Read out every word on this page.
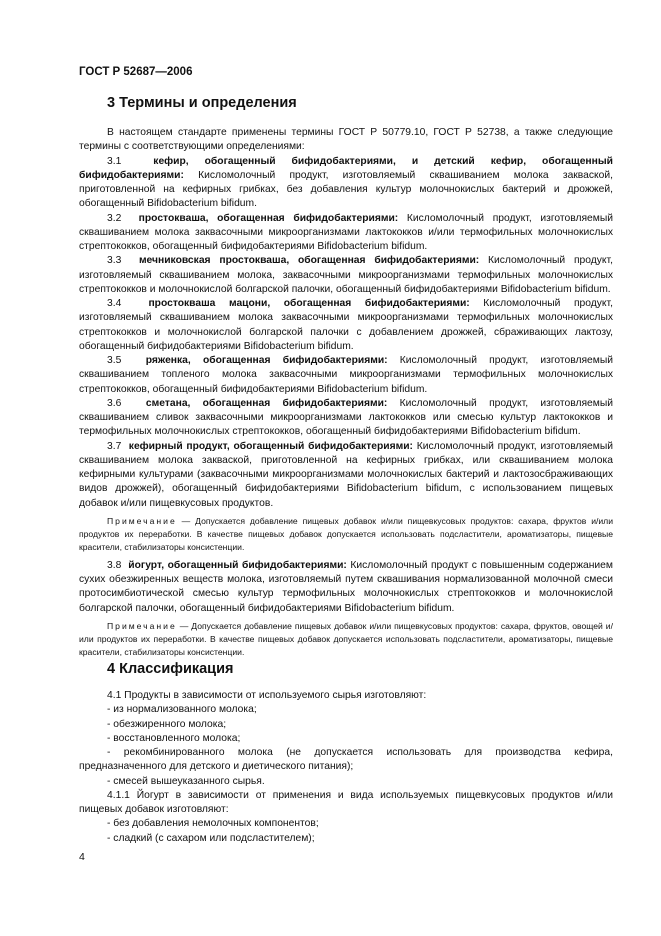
ГОСТ Р 52687—2006
3 Термины и определения

В настоящем стандарте применены термины ГОСТ Р 50779.10, ГОСТ Р 52738, а также следующие термины с соответствующими определениями:

3.1	кефир, обогащенный бифидобактериями, и детский кефир, обогащенный бифидобактериями: Кисломолочный продукт, изготовляемый сквашиванием молока закваской, приготовленной на кефирных грибках, без добавления культур молочнокислых бактерий и дрожжей, обогащенный Bifidobacterium bifidum.

3.2 простокваша, обогащенная бифидобактериями: Кисломолочный продукт, изготовляемый сквашиванием молока заквасочными микроорганизмами лактококков и/или термофильных молочнокислых стрептококков, обогащенный бифидобактериями Bifidobacterium bifidum.

3.3 мечниковская простокваша, обогащенная бифидобактериями: Кисломолочный продукт, изготовляемый сквашиванием молока, заквасочными микроорганизмами термофильных молочнокислых стрептококков и молочнокислой болгарской палочки, обогащенный бифидобактериями Bifidobacterium bifidum.

3.4	простокваша мацони, обогащенная бифидобактериями: Кисломолочный продукт, изготовляемый сквашиванием молока заквасочными микроорганизмами термофильных молочнокислых стрептококков и молочнокислой болгарской палочки с добавлением дрожжей, сбраживающих лактозу, обогащенный бифидобактериями Bifidobacterium bifidum.

3.5 ряженка, обогащенная бифидобактериями: Кисломолочный продукт, изготовляемый сквашиванием топленого молока заквасочными микроорганизмами термофильных молочнокислых стрептококков, обогащенный бифидобактериями Bifidobacterium bifidum.

3.6 сметана, обогащенная бифидобактериями: Кисломолочный продукт, изготовляемый сквашиванием сливок заквасочными микроорганизмами лактококков или смесью культур лактококков и термофильных молочнокислых стрептококков, обогащенный бифидобактериями Bifidobacterium bifidum.

3.7 кефирный продукт, обогащенный бифидобактериями: Кисломолочный продукт, изготовляемый сквашиванием молока закваской, приготовленной на кефирных грибках, или сквашиванием молока кефирными культурами (заквасочными микроорганизмами молочнокислых бактерий и лактозосбраживающих видов дрожжей), обогащенный бифидобактериями Bifidobacterium bifidum, с использованием пищевых добавок и/или пищевкусовых продуктов.

Примечание — Допускается добавление пищевых добавок и/или пищевкусовых продуктов: сахара, фруктов и/или продуктов их переработки. В качестве пищевых добавок допускается использовать подсластители, ароматизаторы, пищевые красители, стабилизаторы консистенции.

3.8 йогурт, обогащенный бифидобактериями: Кисломолочный продукт с повышенным содержанием сухих обезжиренных веществ молока, изготовляемый путем сквашивания нормализованной молочной смеси протосимбиотической смесью культур термофильных молочнокислых стрептококков и молочнокислой болгарской палочки, обогащенный бифидобактериями Bifidobacterium bifidum.

Примечание — Допускается добавление пищевых добавок и/или пищевкусовых продуктов: сахара, фруктов, овощей и/или продуктов их переработки. В качестве пищевых добавок допускается использовать подсластители, ароматизаторы, пищевые красители, стабилизаторы консистенции.

4 Классификация

4.1 Продукты в зависимости от используемого сырья изготовляют:

- из нормализованного молока;

- обезжиренного молока;

- восстановленного молока;

- рекомбинированного молока (не допускается использовать для производства кефира, предназначенного для детского и диетического питания);

- смесей вышеуказанного сырья.

4.1.1 Йогурт в зависимости от применения и вида используемых пищевкусовых продуктов и/или пищевых добавок изготовляют:

- без добавления немолочных компонентов;

- сладкий (с сахаром или подсластителем);

4
